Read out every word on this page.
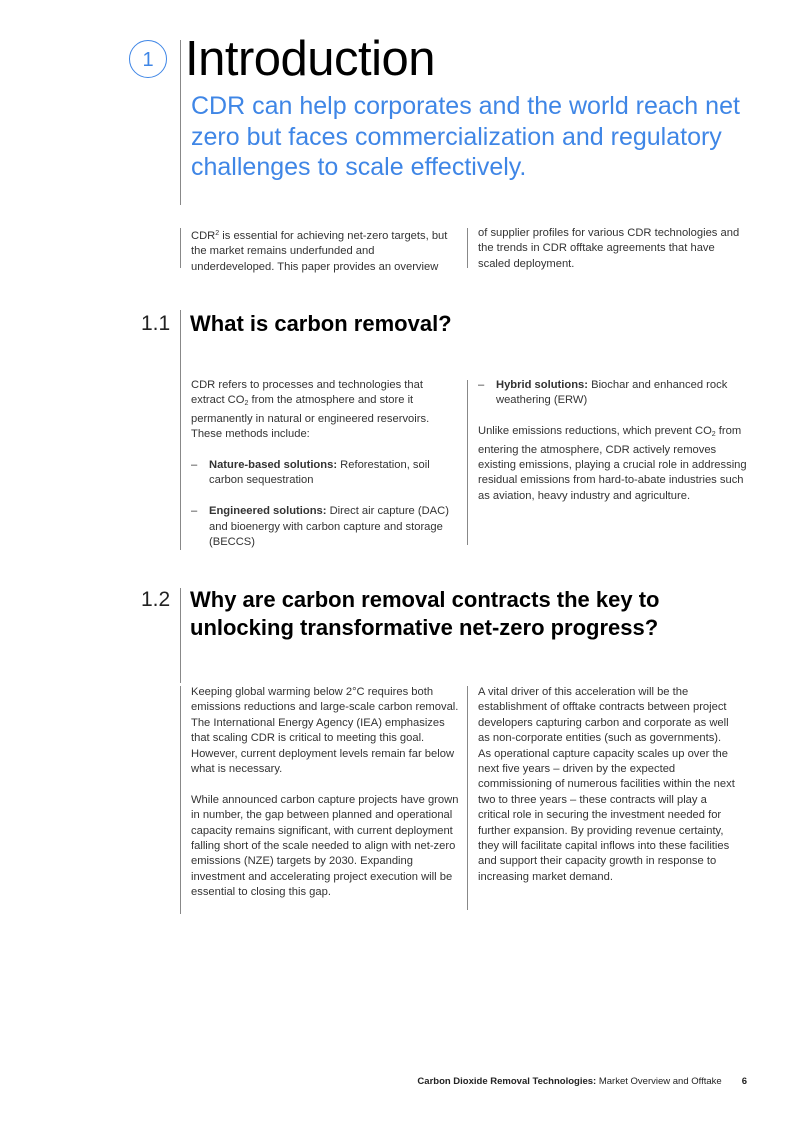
1 Introduction
CDR can help corporates and the world reach net zero but faces commercialization and regulatory challenges to scale effectively.
CDR$^2$ is essential for achieving net-zero targets, but the market remains underfunded and underdeveloped. This paper provides an overview
of supplier profiles for various CDR technologies and the trends in CDR offtake agreements that have scaled deployment.
1.1 What is carbon removal?

CDR refers to processes and technologies that extract $CO_2$ from the atmosphere and store it permanently in natural or engineered reservoirs. These methods include:

– Nature-based solutions: Reforestation, soil carbon sequestration

– Engineered solutions: Direct air capture (DAC) and bioenergy with carbon capture and storage (BECCS)

– Hybrid solutions: Biochar and enhanced rock weathering (ERW)

Unlike emissions reductions, which prevent $CO_2$ from entering the atmosphere, CDR actively removes existing emissions, playing a crucial role in addressing residual emissions from hard-to-abate industries such as aviation, heavy industry and agriculture.

1.2 Why are carbon removal contracts the key to unlocking transformative net-zero progress?

Keeping global warming below 2°C requires both emissions reductions and large-scale carbon removal. The International Energy Agency (IEA) emphasizes that scaling CDR is critical to meeting this goal. However, current deployment levels remain far below what is necessary.

While announced carbon capture projects have grown in number, the gap between planned and operational capacity remains significant, with current deployment falling short of the scale needed to align with net-zero emissions (NZE) targets by 2030. Expanding investment and accelerating project execution will be essential to closing this gap.

A vital driver of this acceleration will be the establishment of offtake contracts between project developers capturing carbon and corporate as well as non-corporate entities (such as governments). As operational capture capacity scales up over the next five years – driven by the expected commissioning of numerous facilities within the next two to three years – these contracts will play a critical role in securing the investment needed for further expansion. By providing revenue certainty, they will facilitate capital inflows into these facilities and support their capacity growth in response to increasing market demand.

Carbon Dioxide Removal Technologies: Market Overview and Offtake 6
